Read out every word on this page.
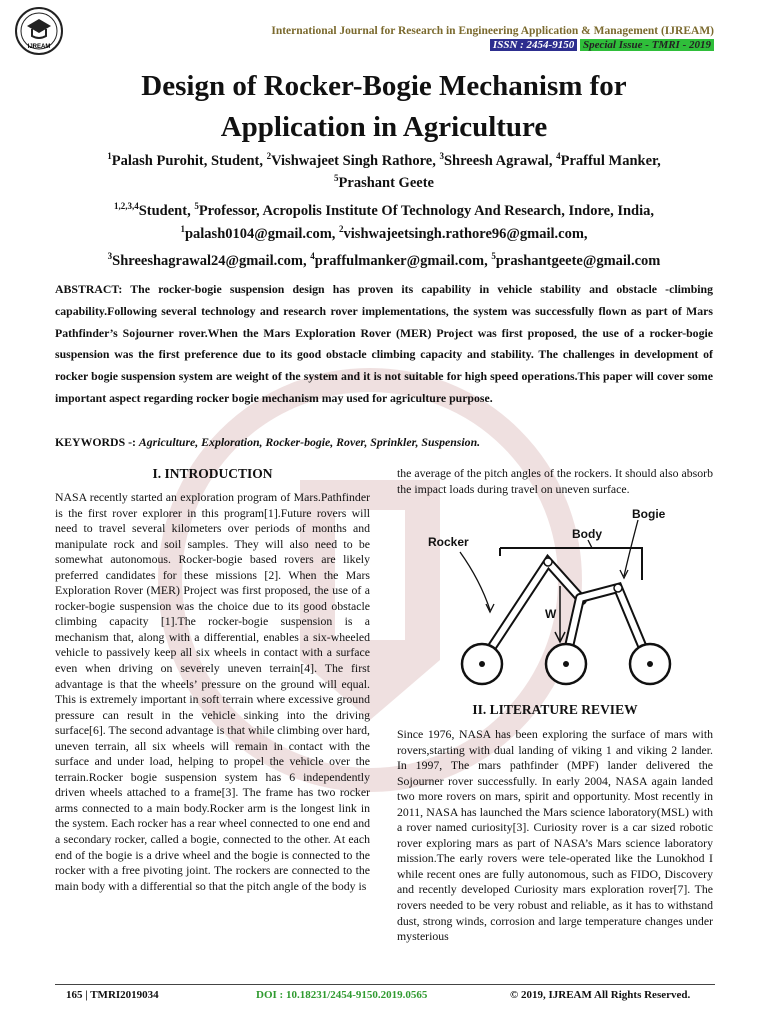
IJREAM
International Journal for Research in Engineering Application & Management (IJREAM)
ISSN : 2454-9150 Special Issue - TMRI - 2019
Design of Rocker-Bogie Mechanism for
Application in Agriculture
$^1$Palash Purohit, Student, $^2$Vishwajeet Singh Rathore, $^3$Shreesh Agrawal, $^4$Prafful Manker,
$^5$Prashant Geete
$^{1,2,3,4}$Student, $^5$Professor, Acropolis Institute Of Technology And Research, Indore, India,
$^1$palash0104@gmail.com, $^2$vishwajeetsingh.rathore96@gmail.com,
$^3$Shreeshagrawal24@gmail.com, $^4$praffulmanker@gmail.com, $^5$prashantgeete@gmail.com
ABSTRACT: The rocker-bogie suspension design has proven its capability in vehicle stability and obstacle -climbing capability.Following several technology and research rover implementations, the system was successfully flown as part of Mars Pathfinder’s Sojourner rover.When the Mars Exploration Rover (MER) Project was first proposed, the use of a rocker-bogie suspension was the first preference due to its good obstacle climbing capacity and stability. The challenges in development of rocker bogie suspension system are weight of the system and it is not suitable for high speed operations.This paper will cover some important aspect regarding rocker bogie mechanism may used for agriculture purpose.
KEYWORDS -: Agriculture, Exploration, Rocker-bogie, Rover, Sprinkler, Suspension.
I. INTRODUCTION
NASA recently started an exploration program of Mars.Pathfinder is the first rover explorer in this program[1].Future rovers will need to travel several kilometers over periods of months and manipulate rock and soil samples. They will also need to be somewhat autonomous. Rocker-bogie based rovers are likely preferred candidates for these missions [2]. When the Mars Exploration Rover (MER) Project was first proposed, the use of a rocker-bogie suspension was the choice due to its good obstacle climbing capacity [1].The rocker-bogie suspension is a mechanism that, along with a differential, enables a six-wheeled vehicle to passively keep all six wheels in contact with a surface even when driving on severely uneven terrain[4]. The first advantage is that the wheels’ pressure on the ground will equal. This is extremely important in soft terrain where excessive ground pressure can result in the vehicle sinking into the driving surface[6]. The second advantage is that while climbing over hard, uneven terrain, all six wheels will remain in contact with the surface and under load, helping to propel the vehicle over the terrain.Rocker bogie suspension system has 6 independently driven wheels attached to a frame[3]. The frame has two rocker arms connected to a main body.Rocker arm is the longest link in the system. Each rocker has a rear wheel connected to one end and a secondary rocker, called a bogie, connected to the other. At each end of the bogie is a drive wheel and the bogie is connected to the rocker with a free pivoting joint. The rockers are connected to the main body with a differential so that the pitch angle of the body is
the average of the pitch angles of the rockers. It should also absorb the impact loads during travel on uneven surface.
Rocker
Body
Bogie
W
II. LITERATURE REVIEW
Since 1976, NASA has been exploring the surface of mars with rovers,starting with dual landing of viking 1 and viking 2 lander. In 1997, The mars pathfinder (MPF) lander delivered the Sojourner rover successfully. In early 2004, NASA again landed two more rovers on mars, spirit and opportunity. Most recently in 2011, NASA has launched the Mars science laboratory(MSL) with a rover named curiosity[3]. Curiosity rover is a car sized robotic rover exploring mars as part of NASA’s Mars science laboratory mission.The early rovers were tele-operated like the Lunokhod I while recent ones are fully autonomous, such as FIDO, Discovery and recently developed Curiosity mars exploration rover[7]. The rovers needed to be very robust and reliable, as it has to withstand dust, strong winds, corrosion and large temperature changes under mysterious
165 | TMRI2019034	DOI : 10.18231/2454-9150.2019.0565	© 2019, IJREAM All Rights Reserved.
